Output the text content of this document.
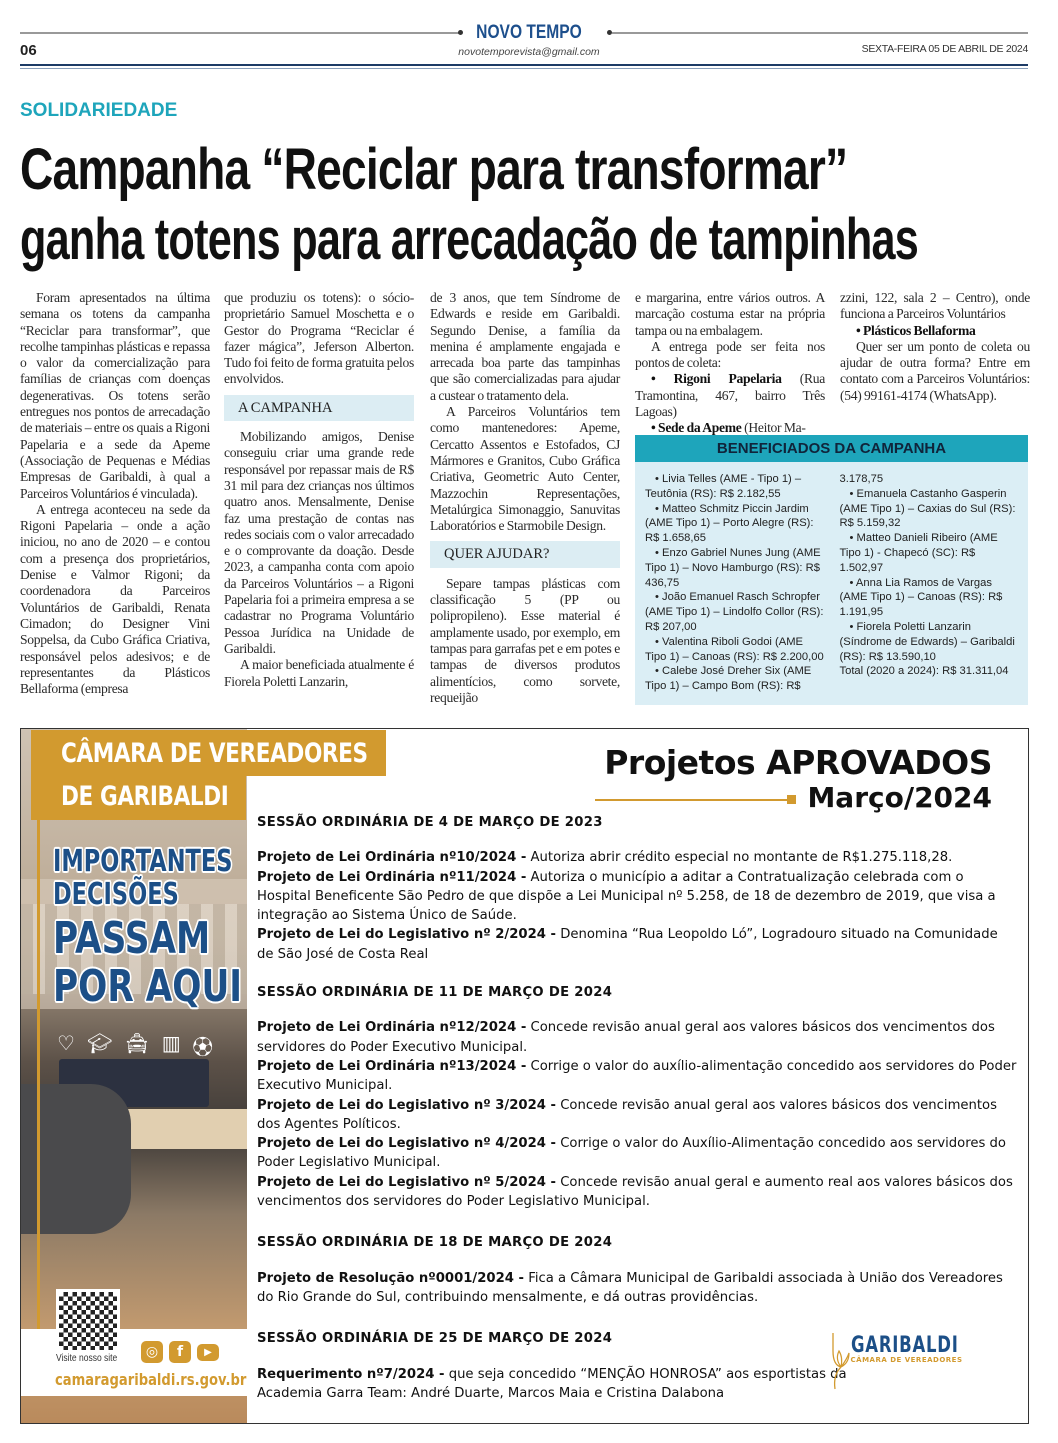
NOVO TEMPO
novotemporevista@gmail.com
06	SEXTA-FEIRA 05 DE ABRIL DE 2024
SOLIDARIEDADE
Campanha “Reciclar para transformar”
ganha totens para arrecadação de tampinhas

Foram apresentados na última semana os totens da campanha “Reciclar para transformar”, que recolhe tampinhas plásticas e repassa o valor da comercialização para famílias de crianças com doenças degenerativas. Os totens serão entregues nos pontos de arrecadação de materiais – entre os quais a Rigoni Papelaria e a sede da Apeme (Associação de Pequenas e Médias Empresas de Garibaldi, à qual a Parceiros Voluntários é vinculada).

A entrega aconteceu na sede da Rigoni Papelaria – onde a ação iniciou, no ano de 2020 – e contou com a presença dos proprietários, Denise e Valmor Rigoni; da coordenadora da Parceiros Voluntários de Garibaldi, Renata Cimadon; do Designer Vini Soppelsa, da Cubo Gráfica Criativa, responsável pelos adesivos; e de representantes da Plásticos Bellaforma (empresa

que produziu os totens): o sócio-proprietário Samuel Moschetta e o Gestor do Programa “Reciclar é fazer mágica”, Jeferson Alberton. Tudo foi feito de forma gratuita pelos envolvidos.

A CAMPANHA

Mobilizando amigos, Denise conseguiu criar uma grande rede responsável por repassar mais de R$ 31 mil para dez crianças nos últimos quatro anos. Mensalmente, Denise faz uma prestação de contas nas redes sociais com o valor arrecadado e o comprovante da doação. Desde 2023, a campanha conta com apoio da Parceiros Voluntários – a Rigoni Papelaria foi a primeira empresa a se cadastrar no Programa Voluntário Pessoa Jurídica na Unidade de Garibaldi.

A maior beneficiada atualmente é Fiorela Poletti Lanzarin,

de 3 anos, que tem Síndrome de Edwards e reside em Garibaldi. Segundo Denise, a família da menina é amplamente engajada e arrecada boa parte das tampinhas que são comercializadas para ajudar a custear o tratamento dela.

A Parceiros Voluntários tem como mantenedores: Apeme, Cercatto Assentos e Estofados, CJ Mármores e Granitos, Cubo Gráfica Criativa, Geometric Auto Center, Mazzochin Representações, Metalúrgica Simonaggio, Sanuvitas Laboratórios e Starmobile Design.

QUER AJUDAR?

Separe tampas plásticas com classificação 5 (PP ou polipropileno). Esse material é amplamente usado, por exemplo, em tampas para garrafas pet e em potes e tampas de diversos produtos alimentícios, como sorvete, requeijão

e margarina, entre vários outros. A marcação costuma estar na própria tampa ou na embalagem.

A entrega pode ser feita nos pontos de coleta:

• Rigoni Papelaria (Rua Tramontina, 467, bairro Três Lagoas)

• Sede da Apeme (Heitor Ma-

zzini, 122, sala 2 – Centro), onde funciona a Parceiros Voluntários

• Plásticos Bellaforma

Quer ser um ponto de coleta ou ajudar de outra forma? Entre em contato com a Parceiros Voluntários: (54) 99161-4174 (WhatsApp).

BENEFICIADOS DA CAMPANHA
• Livia Telles (AME - Tipo 1) – Teutônia (RS): R$ 2.182,55
• Matteo Schmitz Piccin Jardim (AME Tipo 1) – Porto Alegre (RS): R$ 1.658,65
• Enzo Gabriel Nunes Jung (AME Tipo 1) – Novo Hamburgo (RS): R$ 436,75
• João Emanuel Rasch Schropfer (AME Tipo 1) – Lindolfo Collor (RS): R$ 207,00
• Valentina Riboli Godoi (AME Tipo 1) – Canoas (RS): R$ 2.200,00
• Calebe José Dreher Six (AME Tipo 1) – Campo Bom (RS): R$ 3.178,75
• Emanuela Castanho Gasperin (AME Tipo 1) – Caxias do Sul (RS): R$ 5.159,32
• Matteo Danieli Ribeiro (AME Tipo 1) - Chapecó (SC): R$ 1.502,97
• Anna Lia Ramos de Vargas (AME Tipo 1) – Canoas (RS): R$ 1.191,95
• Fiorela Poletti Lanzarin (Síndrome de Edwards) – Garibaldi (RS): R$ 13.590,10
Total (2020 a 2024): R$ 31.311,04
CÂMARA DE VEREADORES
DE GARIBALDI
IMPORTANTES
DECISÕES
PASSAM
POR AQUI
♡ 🎓︎ 🚖︎ ▥ ⚽︎
Visite nosso site	◎	f	▶
camaragaribaldi.rs.gov.br
Projetos APROVADOS
Março/2024
SESSÃO ORDINÁRIA DE 4 DE MARÇO DE 2023
Projeto de Lei Ordinária nº10/2024 - Autoriza abrir crédito especial no montante de R$1.275.118,28.
Projeto de Lei Ordinária nº11/2024 - Autoriza o município a aditar a Contratualização celebrada com o Hospital Beneficente São Pedro de que dispõe a Lei Municipal nº 5.258, de 18 de dezembro de 2019, que visa a integração ao Sistema Único de Saúde.
Projeto de Lei do Legislativo nº 2/2024 - Denomina “Rua Leopoldo Ló”, Logradouro situado na Comunidade de São José de Costa Real
SESSÃO ORDINÁRIA DE 11 DE MARÇO DE 2024
Projeto de Lei Ordinária nº12/2024 - Concede revisão anual geral aos valores básicos dos vencimentos dos servidores do Poder Executivo Municipal.
Projeto de Lei Ordinária nº13/2024 - Corrige o valor do auxílio-alimentação concedido aos servidores do Poder Executivo Municipal.
Projeto de Lei do Legislativo nº 3/2024 - Concede revisão anual geral aos valores básicos dos vencimentos dos Agentes Políticos.
Projeto de Lei do Legislativo nº 4/2024 - Corrige o valor do Auxílio-Alimentação concedido aos servidores do Poder Legislativo Municipal.
Projeto de Lei do Legislativo nº 5/2024 - Concede revisão anual geral e aumento real aos valores básicos dos vencimentos dos servidores do Poder Legislativo Municipal.
SESSÃO ORDINÁRIA DE 18 DE MARÇO DE 2024
Projeto de Resolução nº0001/2024 - Fica a Câmara Municipal de Garibaldi associada à União dos Vereadores do Rio Grande do Sul, contribuindo mensalmente, e dá outras providências.
SESSÃO ORDINÁRIA DE 25 DE MARÇO DE 2024
Requerimento nº7/2024 - que seja concedido “MENÇÃO HONROSA” aos esportistas da Academia Garra Team: André Duarte, Marcos Maia e Cristina Dalabona
GARIBALDI
CÂMARA DE VEREADORES
